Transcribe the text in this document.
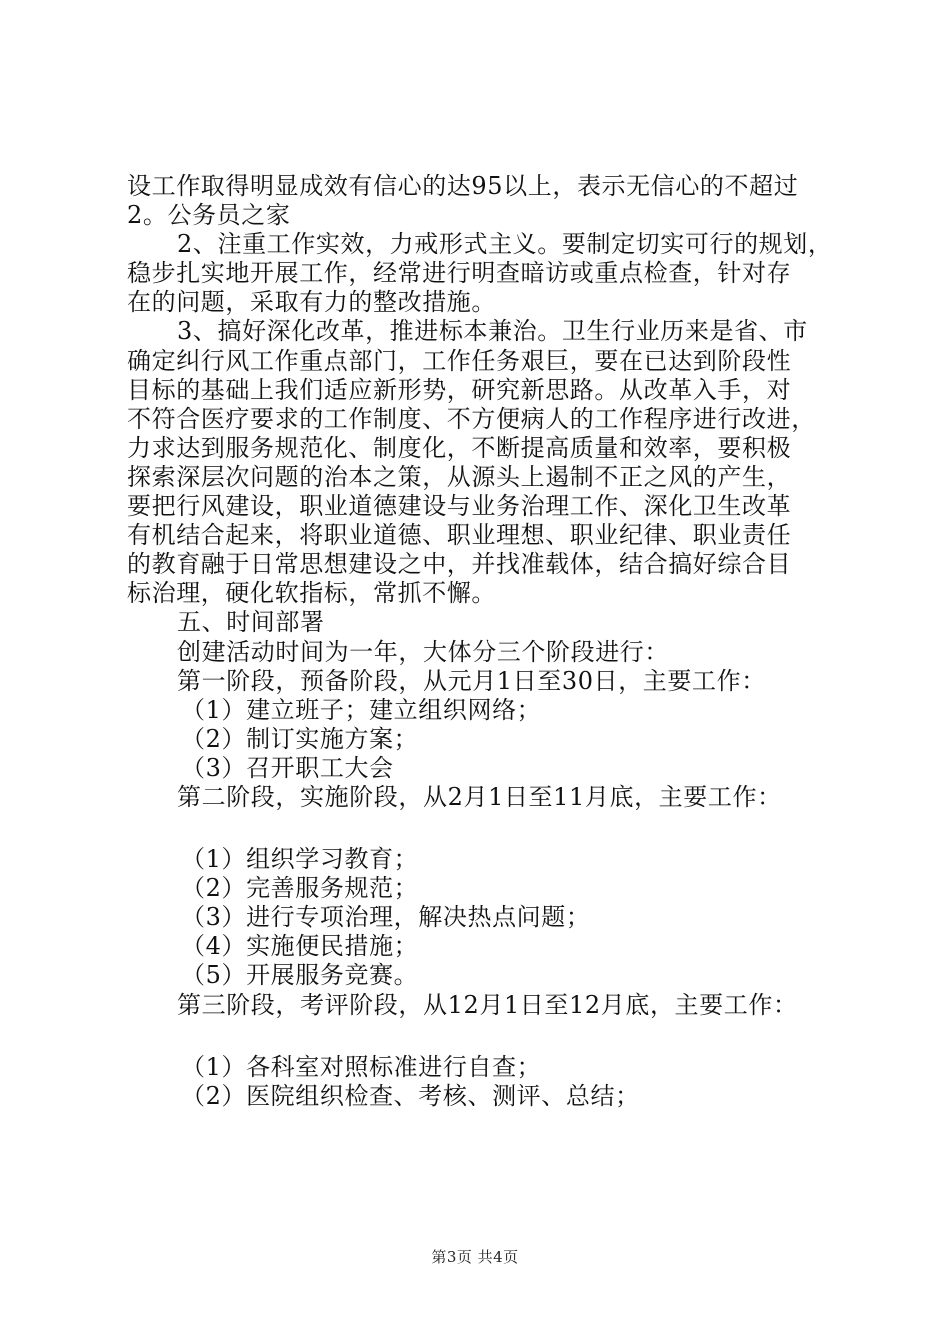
设工作取得明显成效有信心的达95以上，表示无信心的不超过
2。公务员之家
2、注重工作实效，力戒形式主义。要制定切实可行的规划，
稳步扎实地开展工作，经常进行明查暗访或重点检查，针对存
在的问题，采取有力的整改措施。
3、搞好深化改革，推进标本兼治。卫生行业历来是省、市
确定纠行风工作重点部门，工作任务艰巨，要在已达到阶段性
目标的基础上我们适应新形势，研究新思路。从改革入手，对
不符合医疗要求的工作制度、不方便病人的工作程序进行改进，
力求达到服务规范化、制度化，不断提高质量和效率，要积极
探索深层次问题的治本之策，从源头上遏制不正之风的产生，
要把行风建设，职业道德建设与业务治理工作、深化卫生改革
有机结合起来，将职业道德、职业理想、职业纪律、职业责任
的教育融于日常思想建设之中，并找准载体，结合搞好综合目
标治理，硬化软指标，常抓不懈。
五、时间部署
创建活动时间为一年，大体分三个阶段进行：
第一阶段，预备阶段，从元月1日至30日，主要工作：
（1）建立班子；建立组织网络；
（2）制订实施方案；
（3）召开职工大会
第二阶段，实施阶段，从2月1日至11月底，主要工作：
（1）组织学习教育；
（2）完善服务规范；
（3）进行专项治理，解决热点问题；
（4）实施便民措施；
（5）开展服务竞赛。
第三阶段，考评阶段，从12月1日至12月底，主要工作：
（1）各科室对照标准进行自查；
（2）医院组织检查、考核、测评、总结；
第3页 共4页
